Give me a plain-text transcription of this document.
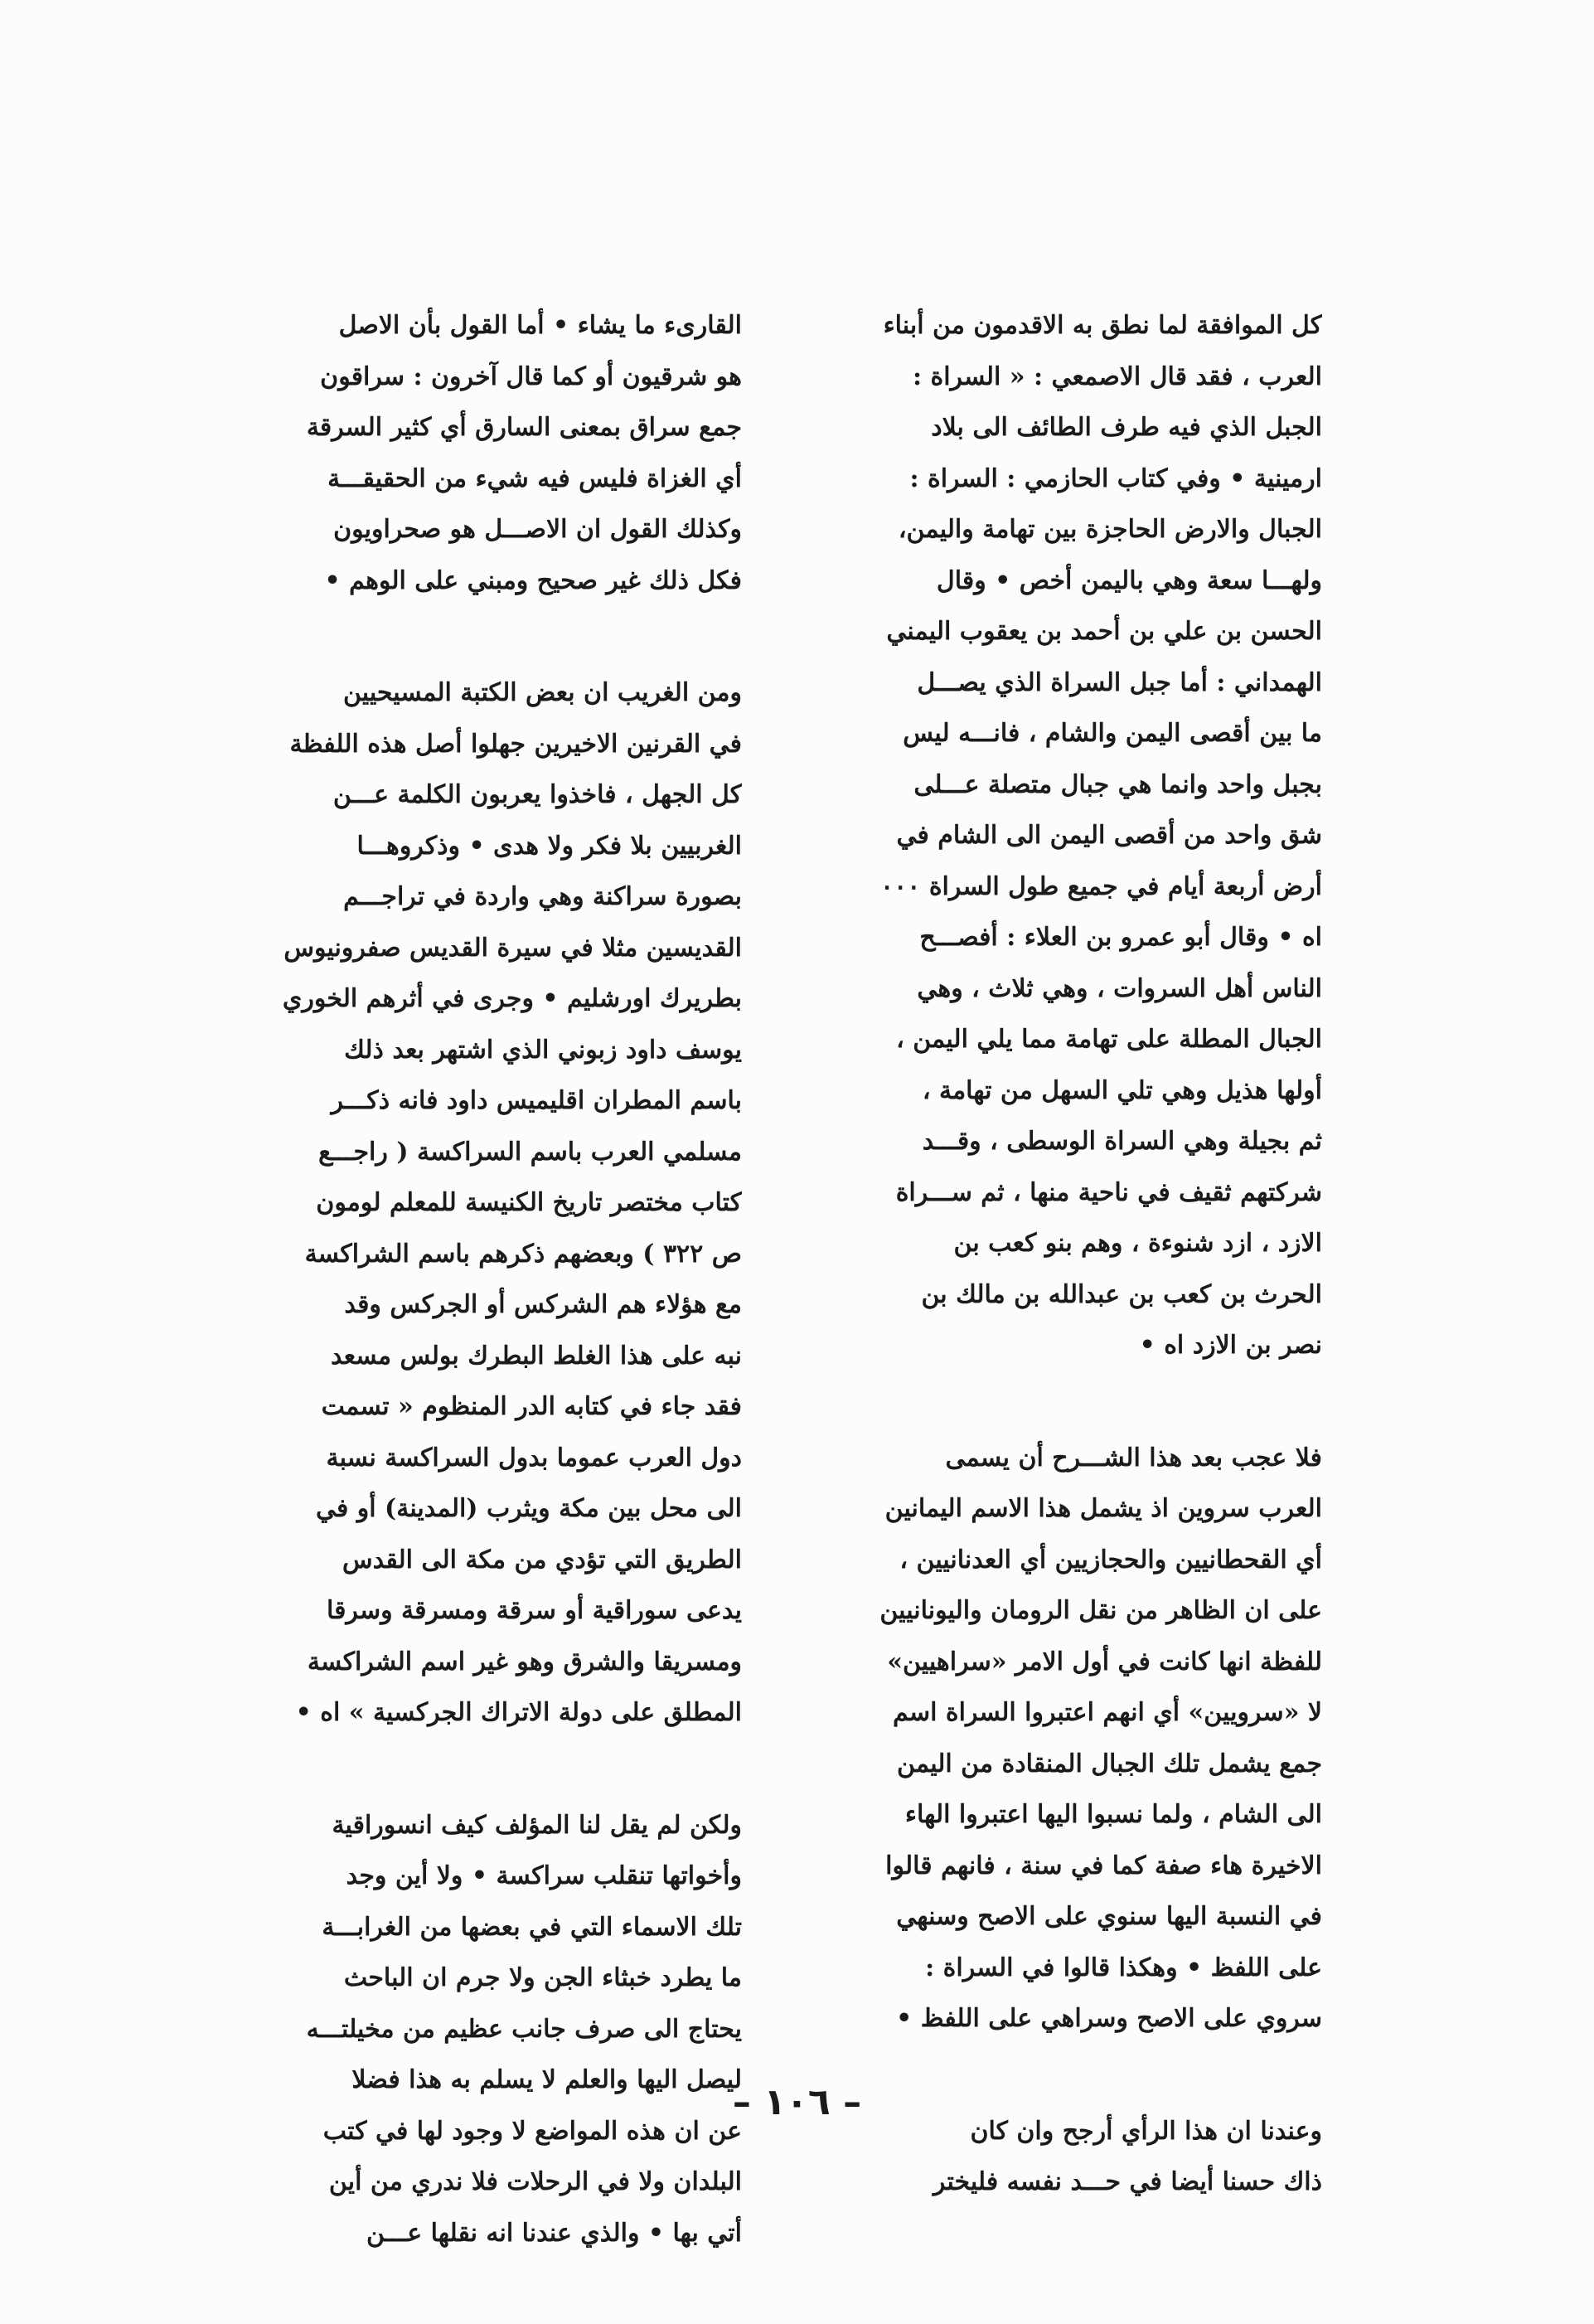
كل الموافقة لما نطق به الاقدمون من أبناء
العرب ، فقد قال الاصمعي : « السراة :
الجبل الذي فيه طرف الطائف الى بلاد
ارمينية • وفي كتاب الحازمي : السراة :
الجبال والارض الحاجزة بين تهامة واليمن،
ولهـــا سعة وهي باليمن أخص • وقال
الحسن بن علي بن أحمد بن يعقوب اليمني
الهمداني : أما جبل السراة الذي يصـــل
ما بين أقصى اليمن والشام ، فانـــه ليس
بجبل واحد وانما هي جبال متصلة عـــلى
شق واحد من أقصى اليمن الى الشام في
أرض أربعة أيام في جميع طول السراة ٠٠٠
اه • وقال أبو عمرو بن العلاء : أفصـــح
الناس أهل السروات ، وهي ثلاث ، وهي
الجبال المطلة على تهامة مما يلي اليمن ،
أولها هذيل وهي تلي السهل من تهامة ،
ثم بجيلة وهي السراة الوسطى ، وقـــد
شركتهم ثقيف في ناحية منها ، ثم ســـراة
الازد ، ازد شنوءة ، وهم بنو كعب بن
الحرث بن كعب بن عبدالله بن مالك بن
نصر بن الازد اه •
فلا عجب بعد هذا الشـــرح أن يسمى
العرب سروين اذ يشمل هذا الاسم اليمانين
أي القحطانيين والحجازيين أي العدنانيين ،
على ان الظاهر من نقل الرومان واليونانيين
للفظة انها كانت في أول الامر «سراهيين»
لا «سرويين» أي انهم اعتبروا السراة اسم
جمع يشمل تلك الجبال المنقادة من اليمن
الى الشام ، ولما نسبوا اليها اعتبروا الهاء
الاخيرة هاء صفة كما في سنة ، فانهم قالوا
في النسبة اليها سنوي على الاصح وسنهي
على اللفظ • وهكذا قالوا في السراة :
سروي على الاصح وسراهي على اللفظ •
وعندنا ان هذا الرأي أرجح وان كان
ذاك حسنا أيضا في حـــد نفسه فليختر
القارىء ما يشاء • أما القول بأن الاصل
هو شرقيون أو كما قال آخرون : سراقون
جمع سراق بمعنى السارق أي كثير السرقة
أي الغزاة فليس فيه شيء من الحقيقـــة
وكذلك القول ان الاصـــل هو صحراويون
فكل ذلك غير صحيح ومبني على الوهم •
ومن الغريب ان بعض الكتبة المسيحيين
في القرنين الاخيرين جهلوا أصل هذه اللفظة
كل الجهل ، فاخذوا يعربون الكلمة عـــن
الغربيين بلا فكر ولا هدى • وذكروهـــا
بصورة سراكنة وهي واردة في تراجـــم
القديسين مثلا في سيرة القديس صفرونيوس
بطريرك اورشليم • وجرى في أثرهم الخوري
يوسف داود زبوني الذي اشتهر بعد ذلك
باسم المطران اقليميس داود فانه ذكـــر
مسلمي العرب باسم السراكسة ( راجـــع
كتاب مختصر تاريخ الكنيسة للمعلم لومون
ص ٣٢٢ ) وبعضهم ذكرهم باسم الشراكسة
مع هؤلاء هم الشركس أو الجركس وقد
نبه على هذا الغلط البطرك بولس مسعد
فقد جاء في كتابه الدر المنظوم « تسمت
دول العرب عموما بدول السراكسة نسبة
الى محل بين مكة ويثرب (المدينة) أو في
الطريق التي تؤدي من مكة الى القدس
يدعى سوراقية أو سرقة ومسرقة وسرقا
ومسريقا والشرق وهو غير اسم الشراكسة
المطلق على دولة الاتراك الجركسية » اه •
ولكن لم يقل لنا المؤلف كيف انسوراقية
وأخواتها تنقلب سراكسة • ولا أين وجد
تلك الاسماء التي في بعضها من الغرابـــة
ما يطرد خبثاء الجن ولا جرم ان الباحث
يحتاج الى صرف جانب عظيم من مخيلتـــه
ليصل اليها والعلم لا يسلم به هذا فضلا
عن ان هذه المواضع لا وجود لها في كتب
البلدان ولا في الرحلات فلا ندري من أين
أتي بها • والذي عندنا انه نقلها عـــن
– ١٠٦ –
